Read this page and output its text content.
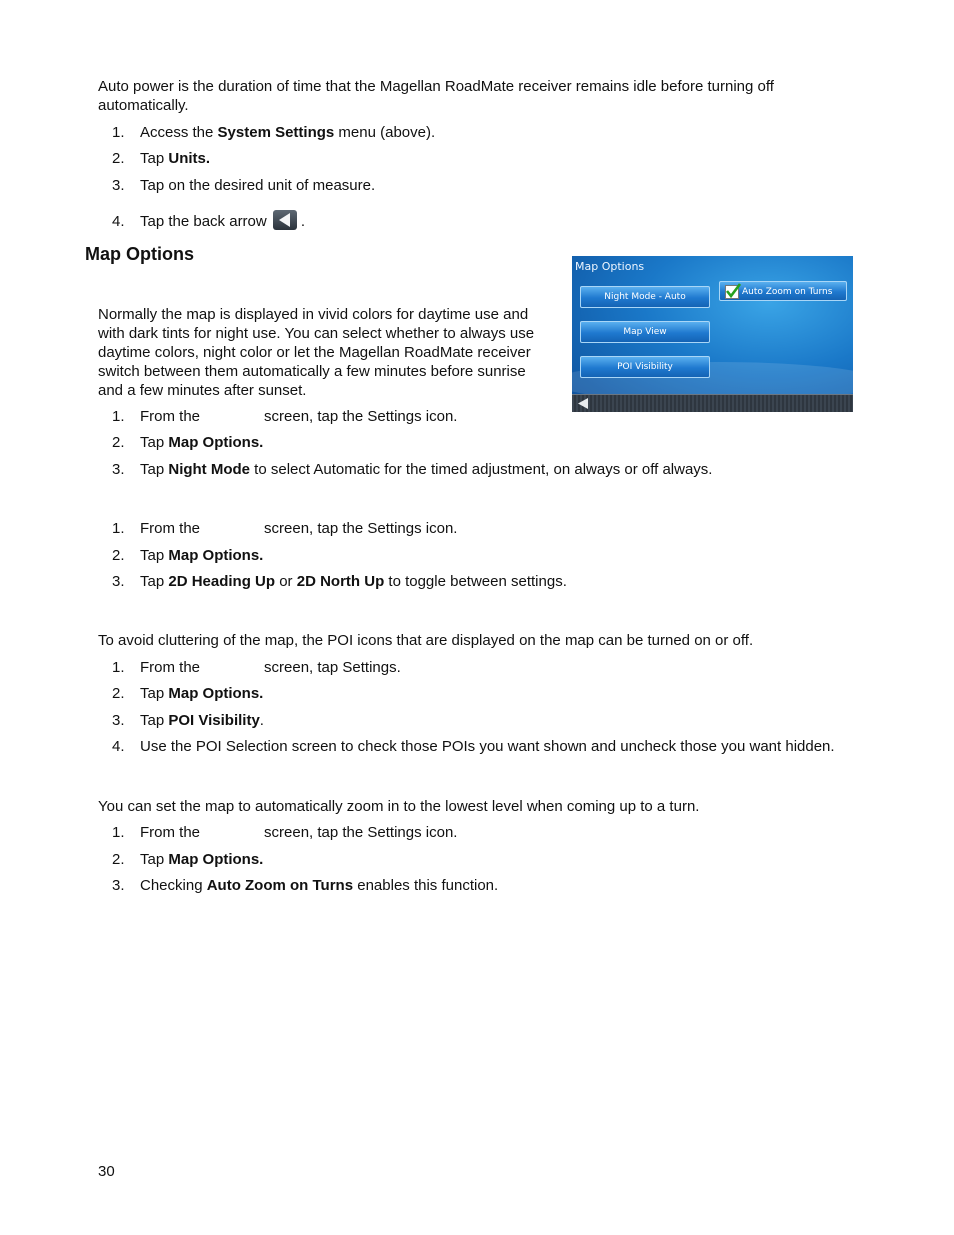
Auto power is the duration of time that the Magellan RoadMate receiver remains idle before turning off automatically.

1. Access the System Settings menu (above).
2. Tap Units.
3. Tap on the desired unit of measure.
4. Tap the back arrow .
Map Options
Map Options
Night Mode - Auto
Map View
POI Visibility
Auto Zoom on Turns

Normally the map is displayed in vivid colors for daytime use and with dark tints for night use. You can select whether to always use daytime colors, night color or let the Magellan RoadMate receiver switch between them automatically a few minutes before sunrise and a few minutes after sunset.

1. From the	screen, tap the Settings icon.
2. Tap Map Options.
3. Tap Night Mode to select Automatic for the timed adjustment, on always or off always.
1. From the	screen, tap the Settings icon.
2. Tap Map Options.
3. Tap 2D Heading Up or 2D North Up to toggle between settings.

To avoid cluttering of the map, the POI icons that are displayed on the map can be turned on or off.

1. From the	screen, tap Settings.
2. Tap Map Options.
3. Tap POI Visibility.
4. Use the POI Selection screen to check those POIs you want shown and uncheck those you want hidden.

You can set the map to automatically zoom in to the lowest level when coming up to a turn.

1. From the	screen, tap the Settings icon.
2. Tap Map Options.
3. Checking Auto Zoom on Turns enables this function.
30
